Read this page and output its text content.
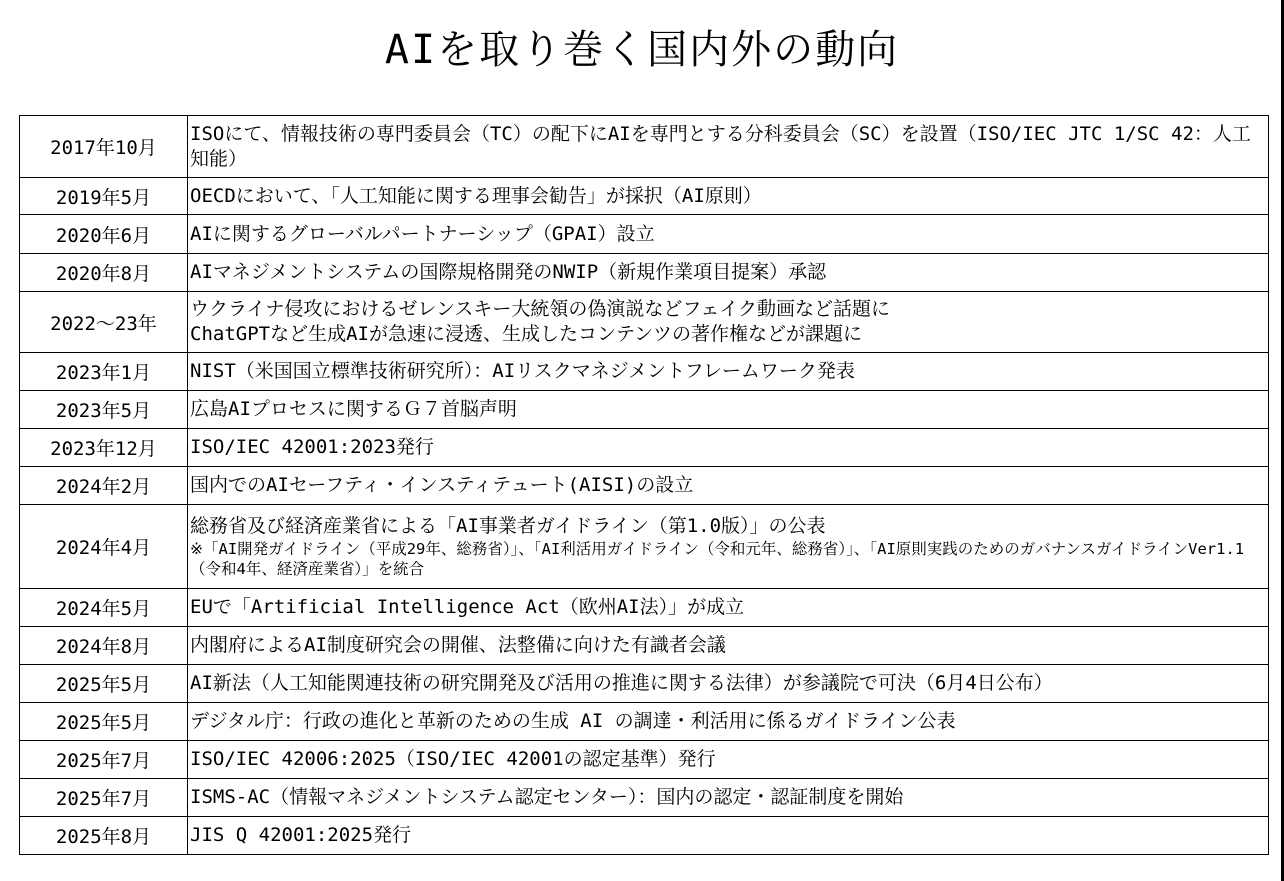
AIを取り巻く国内外の動向
2017年10月	ISOにて、情報技術の専門委員会（TC）の配下にAIを専門とする分科委員会（SC）を設置（ISO/IEC JTC 1/SC 42：人工知能）

2019年5月	OECDにおいて、「人工知能に関する理事会勧告」が採択（AI原則）

2020年6月	AIに関するグローバルパートナーシップ（GPAI）設立

2020年8月	AIマネジメントシステムの国際規格開発のNWIP（新規作業項目提案）承認

2022～23年	ウクライナ侵攻におけるゼレンスキー大統領の偽演説などフェイク動画など話題に
ChatGPTなど生成AIが急速に浸透、生成したコンテンツの著作権などが課題に

2023年1月	NIST（米国国立標準技術研究所）：AIリスクマネジメントフレームワーク発表

2023年5月	広島AIプロセスに関するＧ７首脳声明

2023年12月	ISO/IEC 42001:2023発行

2024年2月	国内でのAIセーフティ・インスティテュート(AISI)の設立

2024年4月	総務省及び経済産業省による「AI事業者ガイドライン（第1.0版）」の公表
※「AI開発ガイドライン（平成29年、総務省）」、「AI利活用ガイドライン（令和元年、総務省）」、「AI原則実践のためのガバナンスガイドラインVer1.1（令和4年、経済産業省）」を統合

2024年5月	EUで「Artificial Intelligence Act（欧州AI法）」が成立

2024年8月	内閣府によるAI制度研究会の開催、法整備に向けた有識者会議

2025年5月	AI新法（人工知能関連技術の研究開発及び活用の推進に関する法律）が参議院で可決（6月4日公布）

2025年5月	デジタル庁：行政の進化と革新のための生成 AI の調達・利活用に係るガイドライン公表

2025年7月	ISO/IEC 42006:2025（ISO/IEC 42001の認定基準）発行

2025年7月	ISMS-AC（情報マネジメントシステム認定センター）：国内の認定・認証制度を開始

2025年8月	JIS Q 42001:2025発行
